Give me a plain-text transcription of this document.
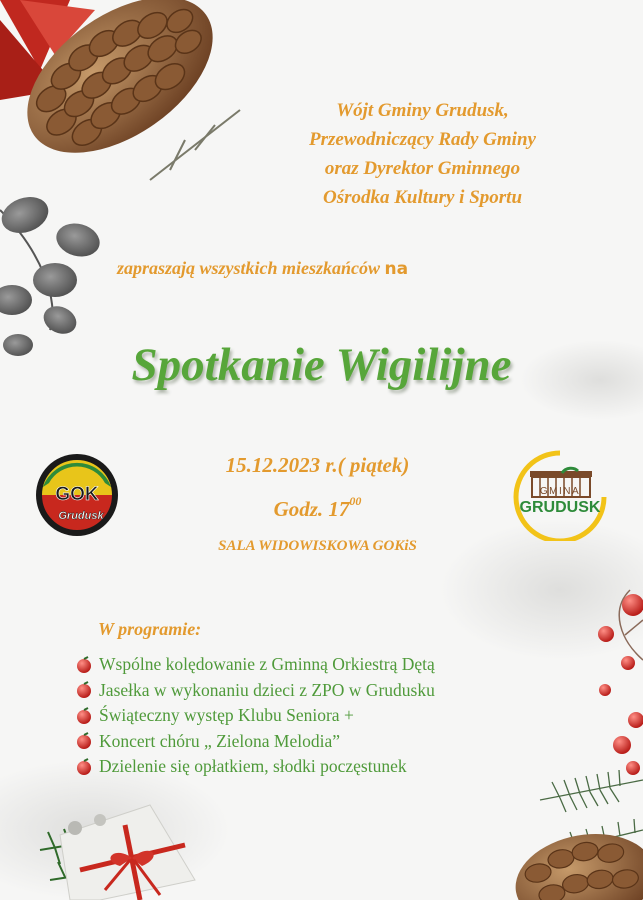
Wójt Gminy Grudusk,
Przewodniczący Rady Gminy
oraz Dyrektor Gminnego
Ośrodka Kultury i Sportu
zapraszają wszystkich mieszkańców na
Spotkanie Wigilijne
GOK
Grudusk
15.12.2023 r.( piątek)
Godz. $17^{00}$
SALA WIDOWISKOWA GOKiS
GMINA
GRUDUSK
W programie:
Wspólne kolędowanie z Gminną Orkiestrą Dętą
Jasełka w wykonaniu dzieci z ZPO w Grudusku
Świąteczny występ Klubu Seniora +
Koncert chóru „ Zielona Melodia”
Dzielenie się opłatkiem, słodki poczęstunek
